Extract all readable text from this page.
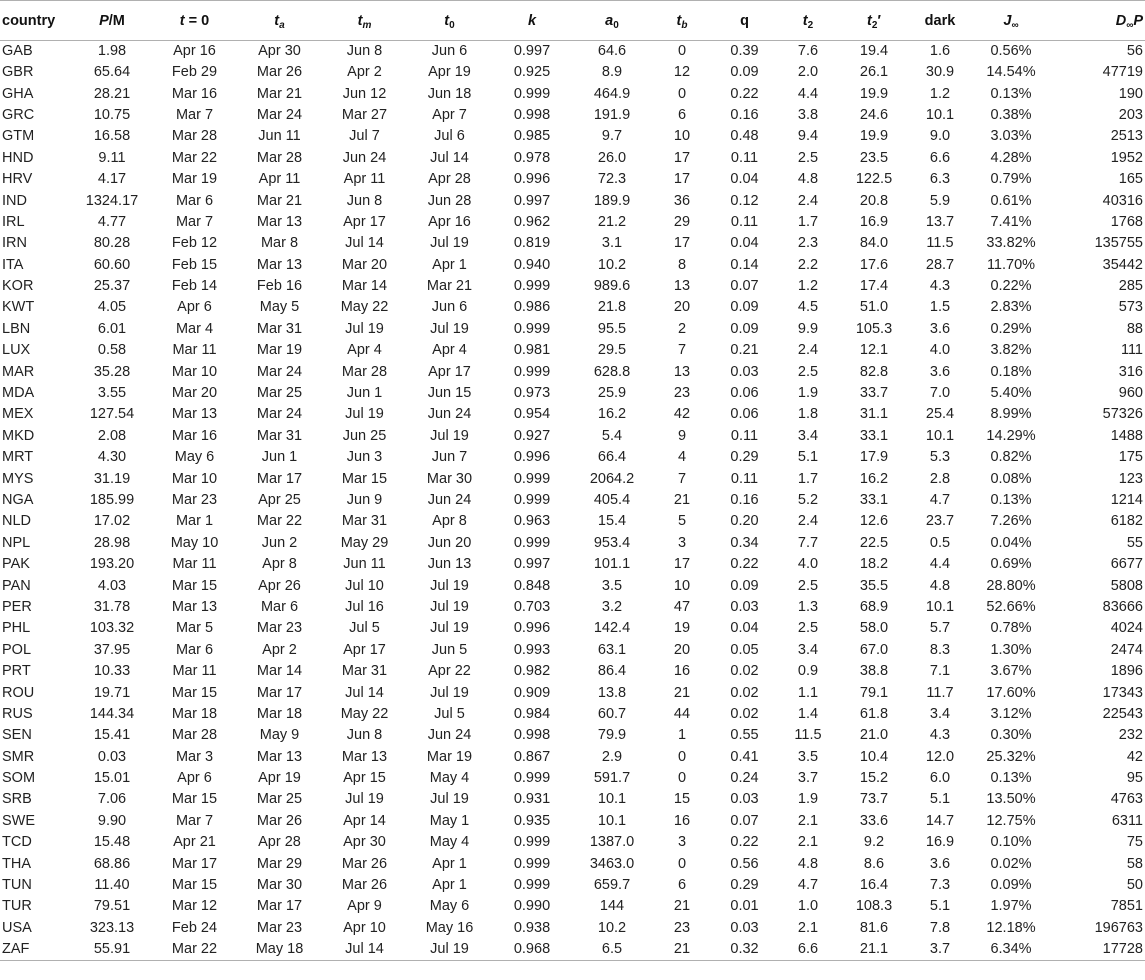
country	P/M	t = 0	$t_a$	$t_m$	$t_0$	k	$a_0$	$t_b$	q	$t_2$	$t_2'$	dark	$J_\infty$	$D_\infty P$
GAB	1.98	Apr 16	Apr 30	Jun 8	Jun 6	0.997	64.6	0	0.39	7.6	19.4	1.6	0.56%	56
GBR	65.64	Feb 29	Mar 26	Apr 2	Apr 19	0.925	8.9	12	0.09	2.0	26.1	30.9	14.54%	47719
GHA	28.21	Mar 16	Mar 21	Jun 12	Jun 18	0.999	464.9	0	0.22	4.4	19.9	1.2	0.13%	190
GRC	10.75	Mar 7	Mar 24	Mar 27	Apr 7	0.998	191.9	6	0.16	3.8	24.6	10.1	0.38%	203
GTM	16.58	Mar 28	Jun 11	Jul 7	Jul 6	0.985	9.7	10	0.48	9.4	19.9	9.0	3.03%	2513
HND	9.11	Mar 22	Mar 28	Jun 24	Jul 14	0.978	26.0	17	0.11	2.5	23.5	6.6	4.28%	1952
HRV	4.17	Mar 19	Apr 11	Apr 11	Apr 28	0.996	72.3	17	0.04	4.8	122.5	6.3	0.79%	165
IND	1324.17	Mar 6	Mar 21	Jun 8	Jun 28	0.997	189.9	36	0.12	2.4	20.8	5.9	0.61%	40316
IRL	4.77	Mar 7	Mar 13	Apr 17	Apr 16	0.962	21.2	29	0.11	1.7	16.9	13.7	7.41%	1768
IRN	80.28	Feb 12	Mar 8	Jul 14	Jul 19	0.819	3.1	17	0.04	2.3	84.0	11.5	33.82%	135755
ITA	60.60	Feb 15	Mar 13	Mar 20	Apr 1	0.940	10.2	8	0.14	2.2	17.6	28.7	11.70%	35442
KOR	25.37	Feb 14	Feb 16	Mar 14	Mar 21	0.999	989.6	13	0.07	1.2	17.4	4.3	0.22%	285
KWT	4.05	Apr 6	May 5	May 22	Jun 6	0.986	21.8	20	0.09	4.5	51.0	1.5	2.83%	573
LBN	6.01	Mar 4	Mar 31	Jul 19	Jul 19	0.999	95.5	2	0.09	9.9	105.3	3.6	0.29%	88
LUX	0.58	Mar 11	Mar 19	Apr 4	Apr 4	0.981	29.5	7	0.21	2.4	12.1	4.0	3.82%	111
MAR	35.28	Mar 10	Mar 24	Mar 28	Apr 17	0.999	628.8	13	0.03	2.5	82.8	3.6	0.18%	316
MDA	3.55	Mar 20	Mar 25	Jun 1	Jun 15	0.973	25.9	23	0.06	1.9	33.7	7.0	5.40%	960
MEX	127.54	Mar 13	Mar 24	Jul 19	Jun 24	0.954	16.2	42	0.06	1.8	31.1	25.4	8.99%	57326
MKD	2.08	Mar 16	Mar 31	Jun 25	Jul 19	0.927	5.4	9	0.11	3.4	33.1	10.1	14.29%	1488
MRT	4.30	May 6	Jun 1	Jun 3	Jun 7	0.996	66.4	4	0.29	5.1	17.9	5.3	0.82%	175
MYS	31.19	Mar 10	Mar 17	Mar 15	Mar 30	0.999	2064.2	7	0.11	1.7	16.2	2.8	0.08%	123
NGA	185.99	Mar 23	Apr 25	Jun 9	Jun 24	0.999	405.4	21	0.16	5.2	33.1	4.7	0.13%	1214
NLD	17.02	Mar 1	Mar 22	Mar 31	Apr 8	0.963	15.4	5	0.20	2.4	12.6	23.7	7.26%	6182
NPL	28.98	May 10	Jun 2	May 29	Jun 20	0.999	953.4	3	0.34	7.7	22.5	0.5	0.04%	55
PAK	193.20	Mar 11	Apr 8	Jun 11	Jun 13	0.997	101.1	17	0.22	4.0	18.2	4.4	0.69%	6677
PAN	4.03	Mar 15	Apr 26	Jul 10	Jul 19	0.848	3.5	10	0.09	2.5	35.5	4.8	28.80%	5808
PER	31.78	Mar 13	Mar 6	Jul 16	Jul 19	0.703	3.2	47	0.03	1.3	68.9	10.1	52.66%	83666
PHL	103.32	Mar 5	Mar 23	Jul 5	Jul 19	0.996	142.4	19	0.04	2.5	58.0	5.7	0.78%	4024
POL	37.95	Mar 6	Apr 2	Apr 17	Jun 5	0.993	63.1	20	0.05	3.4	67.0	8.3	1.30%	2474
PRT	10.33	Mar 11	Mar 14	Mar 31	Apr 22	0.982	86.4	16	0.02	0.9	38.8	7.1	3.67%	1896
ROU	19.71	Mar 15	Mar 17	Jul 14	Jul 19	0.909	13.8	21	0.02	1.1	79.1	11.7	17.60%	17343
RUS	144.34	Mar 18	Mar 18	May 22	Jul 5	0.984	60.7	44	0.02	1.4	61.8	3.4	3.12%	22543
SEN	15.41	Mar 28	May 9	Jun 8	Jun 24	0.998	79.9	1	0.55	11.5	21.0	4.3	0.30%	232
SMR	0.03	Mar 3	Mar 13	Mar 13	Mar 19	0.867	2.9	0	0.41	3.5	10.4	12.0	25.32%	42
SOM	15.01	Apr 6	Apr 19	Apr 15	May 4	0.999	591.7	0	0.24	3.7	15.2	6.0	0.13%	95
SRB	7.06	Mar 15	Mar 25	Jul 19	Jul 19	0.931	10.1	15	0.03	1.9	73.7	5.1	13.50%	4763
SWE	9.90	Mar 7	Mar 26	Apr 14	May 1	0.935	10.1	16	0.07	2.1	33.6	14.7	12.75%	6311
TCD	15.48	Apr 21	Apr 28	Apr 30	May 4	0.999	1387.0	3	0.22	2.1	9.2	16.9	0.10%	75
THA	68.86	Mar 17	Mar 29	Mar 26	Apr 1	0.999	3463.0	0	0.56	4.8	8.6	3.6	0.02%	58
TUN	11.40	Mar 15	Mar 30	Mar 26	Apr 1	0.999	659.7	6	0.29	4.7	16.4	7.3	0.09%	50
TUR	79.51	Mar 12	Mar 17	Apr 9	May 6	0.990	144	21	0.01	1.0	108.3	5.1	1.97%	7851
USA	323.13	Feb 24	Mar 23	Apr 10	May 16	0.938	10.2	23	0.03	2.1	81.6	7.8	12.18%	196763
ZAF	55.91	Mar 22	May 18	Jul 14	Jul 19	0.968	6.5	21	0.32	6.6	21.1	3.7	6.34%	17728
